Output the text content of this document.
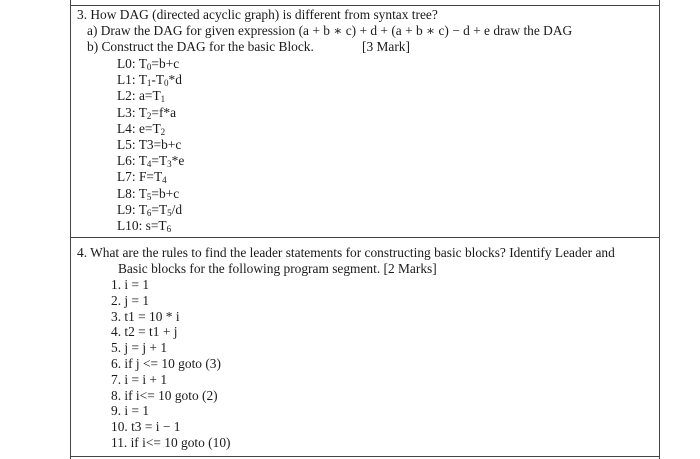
3. How DAG (directed acyclic graph) is different from syntax tree?
a) Draw the DAG for given expression (a + b ∗ c) + d + (a + b ∗ c) − d + e draw the DAG
b) Construct the DAG for the basic Block.	[3 Mark]
L0: $T_0=b+c$
L1: $T_1-T_0*d$
L2: $a=T_1$
L3: $T_2=f*a$
L4: $e=T_2$
L5: T3=b+c
L6: $T_4=T_3*e$
L7: $F=T_4$
L8: $T_5=b+c$
L9: $T_6=T_5/d$
L10: $s=T_6$
4. What are the rules to find the leader statements for constructing basic blocks? Identify Leader and
Basic blocks for the following program segment. [2 Marks]
1. i = 1
2. j = 1
3. t1 = 10 * i
4. t2 = t1 + j
5. j = j + 1
6. if j <= 10 goto (3)
7. i = i + 1
8. if i<= 10 goto (2)
9. i = 1
10. t3 = i − 1
11. if i<= 10 goto (10)
